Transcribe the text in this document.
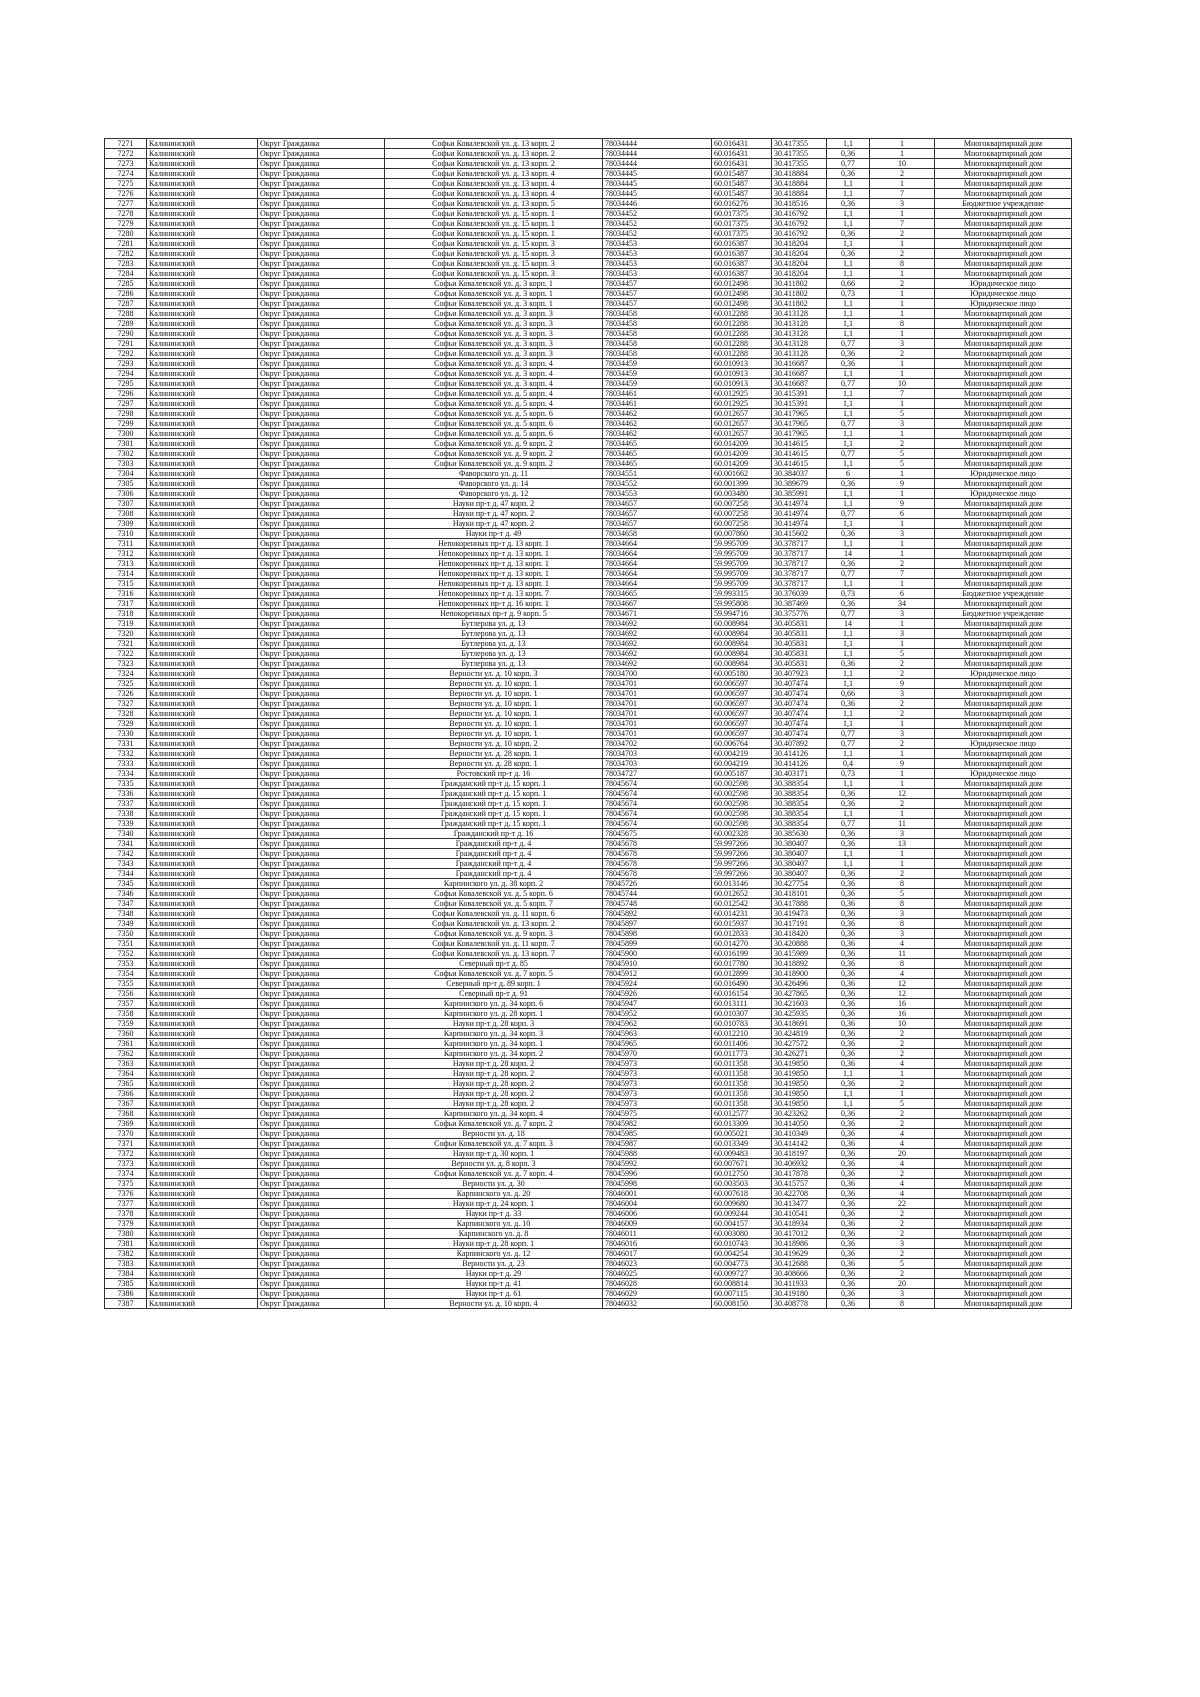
7271	Калининский	Округ Гражданка	Софьи Ковалевской ул. д. 13 корп. 2	78034444	60.016431	30.417355	1,1	1	Многоквартирный дом
7272	Калининский	Округ Гражданка	Софьи Ковалевской ул. д. 13 корп. 2	78034444	60.016431	30.417355	0,36	1	Многоквартирный дом
7273	Калининский	Округ Гражданка	Софьи Ковалевской ул. д. 13 корп. 2	78034444	60.016431	30.417355	0,77	10	Многоквартирный дом
7274	Калининский	Округ Гражданка	Софьи Ковалевской ул. д. 13 корп. 4	78034445	60.015487	30.418884	0,36	2	Многоквартирный дом
7275	Калининский	Округ Гражданка	Софьи Ковалевской ул. д. 13 корп. 4	78034445	60.015487	30.418884	1,1	1	Многоквартирный дом
7276	Калининский	Округ Гражданка	Софьи Ковалевской ул. д. 13 корп. 4	78034445	60.015487	30.418884	1,1	7	Многоквартирный дом
7277	Калининский	Округ Гражданка	Софьи Ковалевской ул. д. 13 корп. 5	78034446	60.016276	30.418516	0,36	3	Бюджетное учреждение
7278	Калининский	Округ Гражданка	Софьи Ковалевской ул. д. 15 корп. 1	78034452	60.017375	30.416792	1,1	1	Многоквартирный дом
7279	Калининский	Округ Гражданка	Софьи Ковалевской ул. д. 15 корп. 1	78034452	60.017375	30.416792	1,1	7	Многоквартирный дом
7280	Калининский	Округ Гражданка	Софьи Ковалевской ул. д. 15 корп. 1	78034452	60.017375	30.416792	0,36	2	Многоквартирный дом
7281	Калининский	Округ Гражданка	Софьи Ковалевской ул. д. 15 корп. 3	78034453	60.016387	30.418204	1,1	1	Многоквартирный дом
7282	Калининский	Округ Гражданка	Софьи Ковалевской ул. д. 15 корп. 3	78034453	60.016387	30.418204	0,36	2	Многоквартирный дом
7283	Калининский	Округ Гражданка	Софьи Ковалевской ул. д. 15 корп. 3	78034453	60.016387	30.418204	1,1	8	Многоквартирный дом
7284	Калининский	Округ Гражданка	Софьи Ковалевской ул. д. 15 корп. 3	78034453	60.016387	30.418204	1,1	1	Многоквартирный дом
7285	Калининский	Округ Гражданка	Софьи Ковалевской ул. д. 3 корп. 1	78034457	60.012498	30.411802	0,66	2	Юридическое лицо
7286	Калининский	Округ Гражданка	Софьи Ковалевской ул. д. 3 корп. 1	78034457	60.012498	30.411802	0,73	1	Юридическое лицо
7287	Калининский	Округ Гражданка	Софьи Ковалевской ул. д. 3 корп. 1	78034457	60.012498	30.411802	1,1	1	Юридическое лицо
7288	Калининский	Округ Гражданка	Софьи Ковалевской ул. д. 3 корп. 3	78034458	60.012288	30.413128	1,1	1	Многоквартирный дом
7289	Калининский	Округ Гражданка	Софьи Ковалевской ул. д. 3 корп. 3	78034458	60.012288	30.413128	1,1	8	Многоквартирный дом
7290	Калининский	Округ Гражданка	Софьи Ковалевской ул. д. 3 корп. 3	78034458	60.012288	30.413128	1,1	1	Многоквартирный дом
7291	Калининский	Округ Гражданка	Софьи Ковалевской ул. д. 3 корп. 3	78034458	60.012288	30.413128	0,77	3	Многоквартирный дом
7292	Калининский	Округ Гражданка	Софьи Ковалевской ул. д. 3 корп. 3	78034458	60.012288	30.413128	0,36	2	Многоквартирный дом
7293	Калининский	Округ Гражданка	Софьи Ковалевской ул. д. 3 корп. 4	78034459	60.010913	30.416687	0,36	1	Многоквартирный дом
7294	Калининский	Округ Гражданка	Софьи Ковалевской ул. д. 3 корп. 4	78034459	60.010913	30.416687	1,1	1	Многоквартирный дом
7295	Калининский	Округ Гражданка	Софьи Ковалевской ул. д. 3 корп. 4	78034459	60.010913	30.416687	0,77	10	Многоквартирный дом
7296	Калининский	Округ Гражданка	Софьи Ковалевской ул. д. 5 корп. 4	78034461	60.012925	30.415391	1,1	7	Многоквартирный дом
7297	Калининский	Округ Гражданка	Софьи Ковалевской ул. д. 5 корп. 4	78034461	60.012925	30.415391	1,1	1	Многоквартирный дом
7298	Калининский	Округ Гражданка	Софьи Ковалевской ул. д. 5 корп. 6	78034462	60.012657	30.417965	1,1	5	Многоквартирный дом
7299	Калининский	Округ Гражданка	Софьи Ковалевской ул. д. 5 корп. 6	78034462	60.012657	30.417965	0,77	3	Многоквартирный дом
7300	Калининский	Округ Гражданка	Софьи Ковалевской ул. д. 5 корп. 6	78034462	60.012657	30.417965	1,1	1	Многоквартирный дом
7301	Калининский	Округ Гражданка	Софьи Ковалевской ул. д. 9 корп. 2	78034465	60.014209	30.414615	1,1	2	Многоквартирный дом
7302	Калининский	Округ Гражданка	Софьи Ковалевской ул. д. 9 корп. 2	78034465	60.014209	30.414615	0,77	5	Многоквартирный дом
7303	Калининский	Округ Гражданка	Софьи Ковалевской ул. д. 9 корп. 2	78034465	60.014209	30.414615	1,1	5	Многоквартирный дом
7304	Калининский	Округ Гражданка	Фаворского ул. д. 11	78034551	60.001662	30.384037	6	1	Юридическое лицо
7305	Калининский	Округ Гражданка	Фаворского ул. д. 14	78034552	60.001399	30.389679	0,36	9	Многоквартирный дом
7306	Калининский	Округ Гражданка	Фаворского ул. д. 12	78034553	60.003480	30.385991	1,1	1	Юридическое лицо
7307	Калининский	Округ Гражданка	Науки пр-т д. 47 корп. 2	78034657	60.007258	30.414974	1,1	9	Многоквартирный дом
7308	Калининский	Округ Гражданка	Науки пр-т д. 47 корп. 2	78034657	60.007258	30.414974	0,77	6	Многоквартирный дом
7309	Калининский	Округ Гражданка	Науки пр-т д. 47 корп. 2	78034657	60.007258	30.414974	1,1	1	Многоквартирный дом
7310	Калининский	Округ Гражданка	Науки пр-т д. 49	78034658	60.007860	30.415602	0,36	3	Многоквартирный дом
7311	Калининский	Округ Гражданка	Непокоренных пр-т д. 13 корп. 1	78034664	59.995709	30.378717	1,1	1	Многоквартирный дом
7312	Калининский	Округ Гражданка	Непокоренных пр-т д. 13 корп. 1	78034664	59.995709	30.378717	14	1	Многоквартирный дом
7313	Калининский	Округ Гражданка	Непокоренных пр-т д. 13 корп. 1	78034664	59.995709	30.378717	0,36	2	Многоквартирный дом
7314	Калининский	Округ Гражданка	Непокоренных пр-т д. 13 корп. 1	78034664	59.995709	30.378717	0,77	7	Многоквартирный дом
7315	Калининский	Округ Гражданка	Непокоренных пр-т д. 13 корп. 1	78034664	59.995709	30.378717	1,1	1	Многоквартирный дом
7316	Калининский	Округ Гражданка	Непокоренных пр-т д. 13 корп. 7	78034665	59.993315	30.376039	0,73	6	Бюджетное учреждение
7317	Калининский	Округ Гражданка	Непокоренных пр-т д. 16 корп. 1	78034667	59.995808	30.387469	0,36	34	Многоквартирный дом
7318	Калининский	Округ Гражданка	Непокоренных пр-т д. 9 корп. 5	78034671	59.994716	30.375776	0,77	3	Бюджетное учреждение
7319	Калининский	Округ Гражданка	Бутлерова ул. д. 13	78034692	60.008984	30.405831	14	1	Многоквартирный дом
7320	Калининский	Округ Гражданка	Бутлерова ул. д. 13	78034692	60.008984	30.405831	1,1	3	Многоквартирный дом
7321	Калининский	Округ Гражданка	Бутлерова ул. д. 13	78034692	60.008984	30.405831	1,1	1	Многоквартирный дом
7322	Калининский	Округ Гражданка	Бутлерова ул. д. 13	78034692	60.008984	30.405831	1,1	5	Многоквартирный дом
7323	Калининский	Округ Гражданка	Бутлерова ул. д. 13	78034692	60.008984	30.405831	0,36	2	Многоквартирный дом
7324	Калининский	Округ Гражданка	Верности ул. д. 10 корп. 3	78034700	60.005180	30.407923	1,1	2	Юридическое лицо
7325	Калининский	Округ Гражданка	Верности ул. д. 10 корп. 1	78034701	60.006597	30.407474	1,1	9	Многоквартирный дом
7326	Калининский	Округ Гражданка	Верности ул. д. 10 корп. 1	78034701	60.006597	30.407474	0,66	3	Многоквартирный дом
7327	Калининский	Округ Гражданка	Верности ул. д. 10 корп. 1	78034701	60.006597	30.407474	0,36	2	Многоквартирный дом
7328	Калининский	Округ Гражданка	Верности ул. д. 10 корп. 1	78034701	60.006597	30.407474	1,1	2	Многоквартирный дом
7329	Калининский	Округ Гражданка	Верности ул. д. 10 корп. 1	78034701	60.006597	30.407474	1,1	1	Многоквартирный дом
7330	Калининский	Округ Гражданка	Верности ул. д. 10 корп. 1	78034701	60.006597	30.407474	0,77	3	Многоквартирный дом
7331	Калининский	Округ Гражданка	Верности ул. д. 10 корп. 2	78034702	60.006764	30.407892	0,77	2	Юридическое лицо
7332	Калининский	Округ Гражданка	Верности ул. д. 28 корп. 1	78034703	60.004219	30.414126	1,1	1	Многоквартирный дом
7333	Калининский	Округ Гражданка	Верности ул. д. 28 корп. 1	78034703	60.004219	30.414126	0,4	9	Многоквартирный дом
7334	Калининский	Округ Гражданка	Ростовский пр-т д. 16	78034727	60.005187	30.403171	0,73	1	Юридическое лицо
7335	Калининский	Округ Гражданка	Гражданский пр-т д. 15 корп. 1	78045674	60.002598	30.388354	1,1	1	Многоквартирный дом
7336	Калининский	Округ Гражданка	Гражданский пр-т д. 15 корп. 1	78045674	60.002598	30.388354	0,36	12	Многоквартирный дом
7337	Калининский	Округ Гражданка	Гражданский пр-т д. 15 корп. 1	78045674	60.002598	30.388354	0,36	2	Многоквартирный дом
7338	Калининский	Округ Гражданка	Гражданский пр-т д. 15 корп. 1	78045674	60.002598	30.388354	1,1	1	Многоквартирный дом
7339	Калининский	Округ Гражданка	Гражданский пр-т д. 15 корп. 1	78045674	60.002598	30.388354	0,77	11	Многоквартирный дом
7340	Калининский	Округ Гражданка	Гражданский пр-т д. 16	78045675	60.002328	30.385630	0,36	3	Многоквартирный дом
7341	Калининский	Округ Гражданка	Гражданский пр-т д. 4	78045678	59.997266	30.380407	0,36	13	Многоквартирный дом
7342	Калининский	Округ Гражданка	Гражданский пр-т д. 4	78045678	59.997266	30.380407	1,1	1	Многоквартирный дом
7343	Калининский	Округ Гражданка	Гражданский пр-т д. 4	78045678	59.997266	30.380407	1,1	1	Многоквартирный дом
7344	Калининский	Округ Гражданка	Гражданский пр-т д. 4	78045678	59.997266	30.380407	0,36	2	Многоквартирный дом
7345	Калининский	Округ Гражданка	Карпинского ул. д. 38 корп. 2	78045726	60.013146	30.427754	0,36	8	Многоквартирный дом
7346	Калининский	Округ Гражданка	Софьи Ковалевской ул. д. 5 корп. 6	78045744	60.012652	30.418101	0,36	5	Многоквартирный дом
7347	Калининский	Округ Гражданка	Софьи Ковалевской ул. д. 5 корп. 7	78045748	60.012542	30.417888	0,36	8	Многоквартирный дом
7348	Калининский	Округ Гражданка	Софьи Ковалевской ул. д. 11 корп. 6	78045892	60.014231	30.419473	0,36	3	Многоквартирный дом
7349	Калининский	Округ Гражданка	Софьи Ковалевской ул. д. 13 корп. 2	78045897	60.015937	30.417191	0,36	8	Многоквартирный дом
7350	Калининский	Округ Гражданка	Софьи Ковалевской ул. д. 9 корп. 3	78045898	60.012833	30.418420	0,36	3	Многоквартирный дом
7351	Калининский	Округ Гражданка	Софьи Ковалевской ул. д. 11 корп. 7	78045899	60.014270	30.420888	0,36	4	Многоквартирный дом
7352	Калининский	Округ Гражданка	Софьи Ковалевской ул. д. 13 корп. 7	78045900	60.016199	30.415989	0,36	11	Многоквартирный дом
7353	Калининский	Округ Гражданка	Северный пр-т д. 85	78045910	60.017780	30.418892	0,36	8	Многоквартирный дом
7354	Калининский	Округ Гражданка	Софьи Ковалевской ул. д. 7 корп. 5	78045912	60.012899	30.418900	0,36	4	Многоквартирный дом
7355	Калининский	Округ Гражданка	Северный пр-т д. 89 корп. 1	78045924	60.016490	30.426496	0,36	12	Многоквартирный дом
7356	Калининский	Округ Гражданка	Северный пр-т д. 91	78045926	60.016154	30.427865	0,36	12	Многоквартирный дом
7357	Калининский	Округ Гражданка	Карпинского ул. д. 34 корп. 6	78045947	60.013111	30.421603	0,36	16	Многоквартирный дом
7358	Калининский	Округ Гражданка	Карпинского ул. д. 28 корп. 1	78045952	60.010307	30.425935	0,36	16	Многоквартирный дом
7359	Калининский	Округ Гражданка	Науки пр-т д. 28 корп. 3	78045962	60.010783	30.418691	0,36	10	Многоквартирный дом
7360	Калининский	Округ Гражданка	Карпинского ул. д. 34 корп. 3	78045963	60.012210	30.424819	0,36	2	Многоквартирный дом
7361	Калининский	Округ Гражданка	Карпинского ул. д. 34 корп. 1	78045965	60.011406	30.427572	0,36	2	Многоквартирный дом
7362	Калининский	Округ Гражданка	Карпинского ул. д. 34 корп. 2	78045970	60.011773	30.426271	0,36	2	Многоквартирный дом
7363	Калининский	Округ Гражданка	Науки пр-т д. 28 корп. 2	78045973	60.011358	30.419850	0,36	4	Многоквартирный дом
7364	Калининский	Округ Гражданка	Науки пр-т д. 28 корп. 2	78045973	60.011358	30.419850	1,1	1	Многоквартирный дом
7365	Калининский	Округ Гражданка	Науки пр-т д. 28 корп. 2	78045973	60.011358	30.419850	0,36	2	Многоквартирный дом
7366	Калининский	Округ Гражданка	Науки пр-т д. 28 корп. 2	78045973	60.011358	30.419850	1,1	1	Многоквартирный дом
7367	Калининский	Округ Гражданка	Науки пр-т д. 28 корп. 2	78045973	60.011358	30.419850	1,1	5	Многоквартирный дом
7368	Калининский	Округ Гражданка	Карпинского ул. д. 34 корп. 4	78045975	60.012577	30.423262	0,36	2	Многоквартирный дом
7369	Калининский	Округ Гражданка	Софьи Ковалевской ул. д. 7 корп. 2	78045982	60.013309	30.414050	0,36	2	Многоквартирный дом
7370	Калининский	Округ Гражданка	Верности ул. д. 18	78045985	60.005021	30.410349	0,36	4	Многоквартирный дом
7371	Калининский	Округ Гражданка	Софьи Ковалевской ул. д. 7 корп. 3	78045987	60.013349	30.414142	0,36	4	Многоквартирный дом
7372	Калининский	Округ Гражданка	Науки пр-т д. 30 корп. 1	78045988	60.009483	30.418197	0,36	20	Многоквартирный дом
7373	Калининский	Округ Гражданка	Верности ул. д. 8 корп. 3	78045992	60.007671	30.406932	0,36	4	Многоквартирный дом
7374	Калининский	Округ Гражданка	Софьи Ковалевской ул. д. 7 корп. 4	78045996	60.012750	30.417878	0,36	2	Многоквартирный дом
7375	Калининский	Округ Гражданка	Верности ул. д. 30	78045998	60.003503	30.415757	0,36	4	Многоквартирный дом
7376	Калининский	Округ Гражданка	Карпинского ул. д. 20	78046001	60.007618	30.422708	0,36	4	Многоквартирный дом
7377	Калининский	Округ Гражданка	Науки пр-т д. 24 корп. 1	78046004	60.009680	30.413477	0,36	22	Многоквартирный дом
7378	Калининский	Округ Гражданка	Науки пр-т д. 33	78046006	60.009244	30.410541	0,36	2	Многоквартирный дом
7379	Калининский	Округ Гражданка	Карпинского ул. д. 10	78046009	60.004157	30.418934	0,36	2	Многоквартирный дом
7380	Калининский	Округ Гражданка	Карпинского ул. д. 8	78046011	60.003080	30.417012	0,36	2	Многоквартирный дом
7381	Калининский	Округ Гражданка	Науки пр-т д. 28 корп. 1	78046016	60.010743	30.418986	0,36	3	Многоквартирный дом
7382	Калининский	Округ Гражданка	Карпинского ул. д. 12	78046017	60.004254	30.419629	0,36	2	Многоквартирный дом
7383	Калининский	Округ Гражданка	Верности ул. д. 23	78046023	60.004773	30.412688	0,36	5	Многоквартирный дом
7384	Калининский	Округ Гражданка	Науки пр-т д. 29	78046025	60.009727	30.408666	0,36	2	Многоквартирный дом
7385	Калининский	Округ Гражданка	Науки пр-т д. 41	78046028	60.008814	30.411933	0,36	20	Многоквартирный дом
7386	Калининский	Округ Гражданка	Науки пр-т д. 61	78046029	60.007115	30.419180	0,36	3	Многоквартирный дом
7387	Калининский	Округ Гражданка	Верности ул. д. 10 корп. 4	78046032	60.008150	30.408778	0,36	8	Многоквартирный дом
